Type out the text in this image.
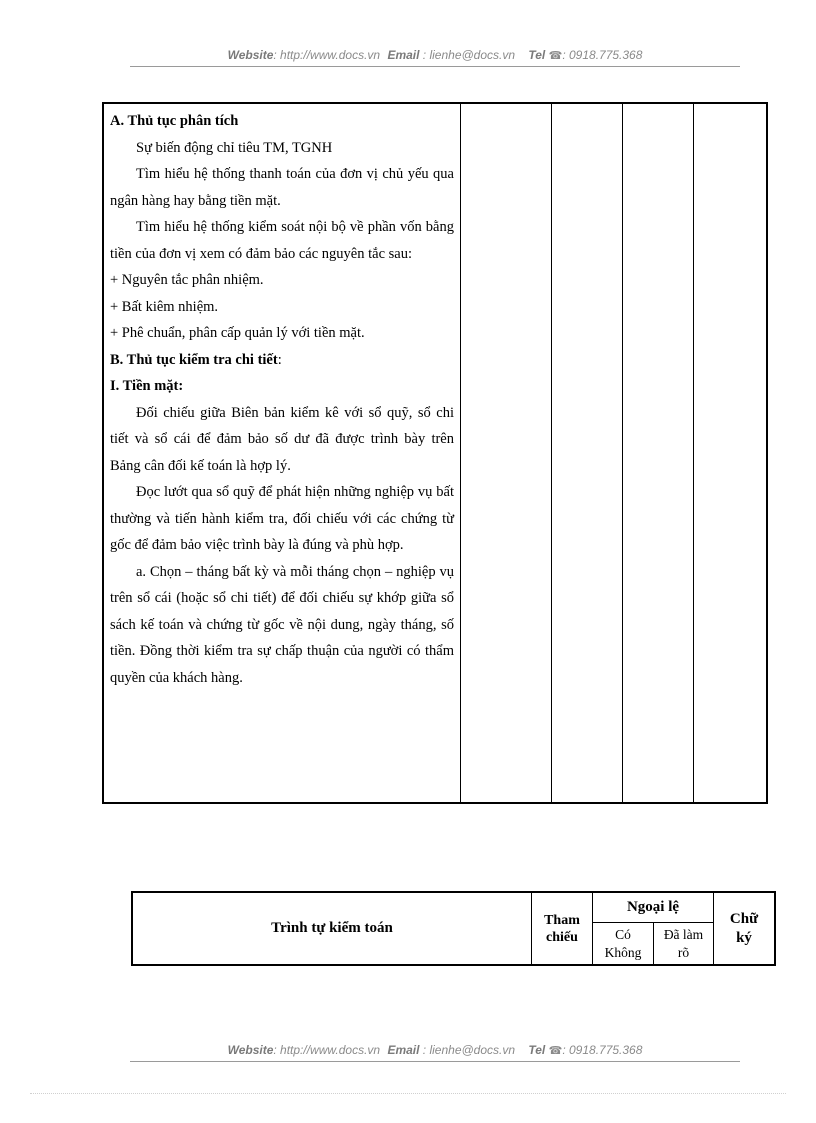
Website: http://www.docs.vn Email : lienhe@docs.vn Tel ☎: 0918.775.368

A. Thủ tục phân tích

Sự biến động chỉ tiêu TM, TGNH

Tìm hiểu hệ thống thanh toán của đơn vị chủ yếu qua ngân hàng hay bằng tiền mặt.

Tìm hiểu hệ thống kiểm soát nội bộ về phần vốn bằng tiền của đơn vị xem có đảm bảo các nguyên tắc sau:

+ Nguyên tắc phân nhiệm.

+ Bất kiêm nhiệm.

+ Phê chuẩn, phân cấp quản lý với tiền mặt.

B. Thủ tục kiểm tra chi tiết:

I. Tiền mặt:

Đối chiếu giữa Biên bản kiểm kê với sổ quỹ, sổ chi tiết và sổ cái để đảm bảo số dư đã được trình bày trên Bảng cân đối kế toán là hợp lý.

Đọc lướt qua sổ quỹ để phát hiện những nghiệp vụ bất thường và tiến hành kiểm tra, đối chiếu với các chứng từ gốc để đảm bảo việc trình bày là đúng và phù hợp.

a. Chọn – tháng bất kỳ và mỗi tháng chọn – nghiệp vụ trên sổ cái (hoặc sổ chi tiết) để đối chiếu sự khớp giữa sổ sách kế toán và chứng từ gốc về nội dung, ngày tháng, số tiền. Đồng thời kiểm tra sự chấp thuận của người có thẩm quyền của khách hàng.

Trình tự kiểm toán	Tham chiếu
Ngoại lệ
Có Không
Đã làm rõ
Chữ ký
Website: http://www.docs.vn Email : lienhe@docs.vn Tel ☎: 0918.775.368
